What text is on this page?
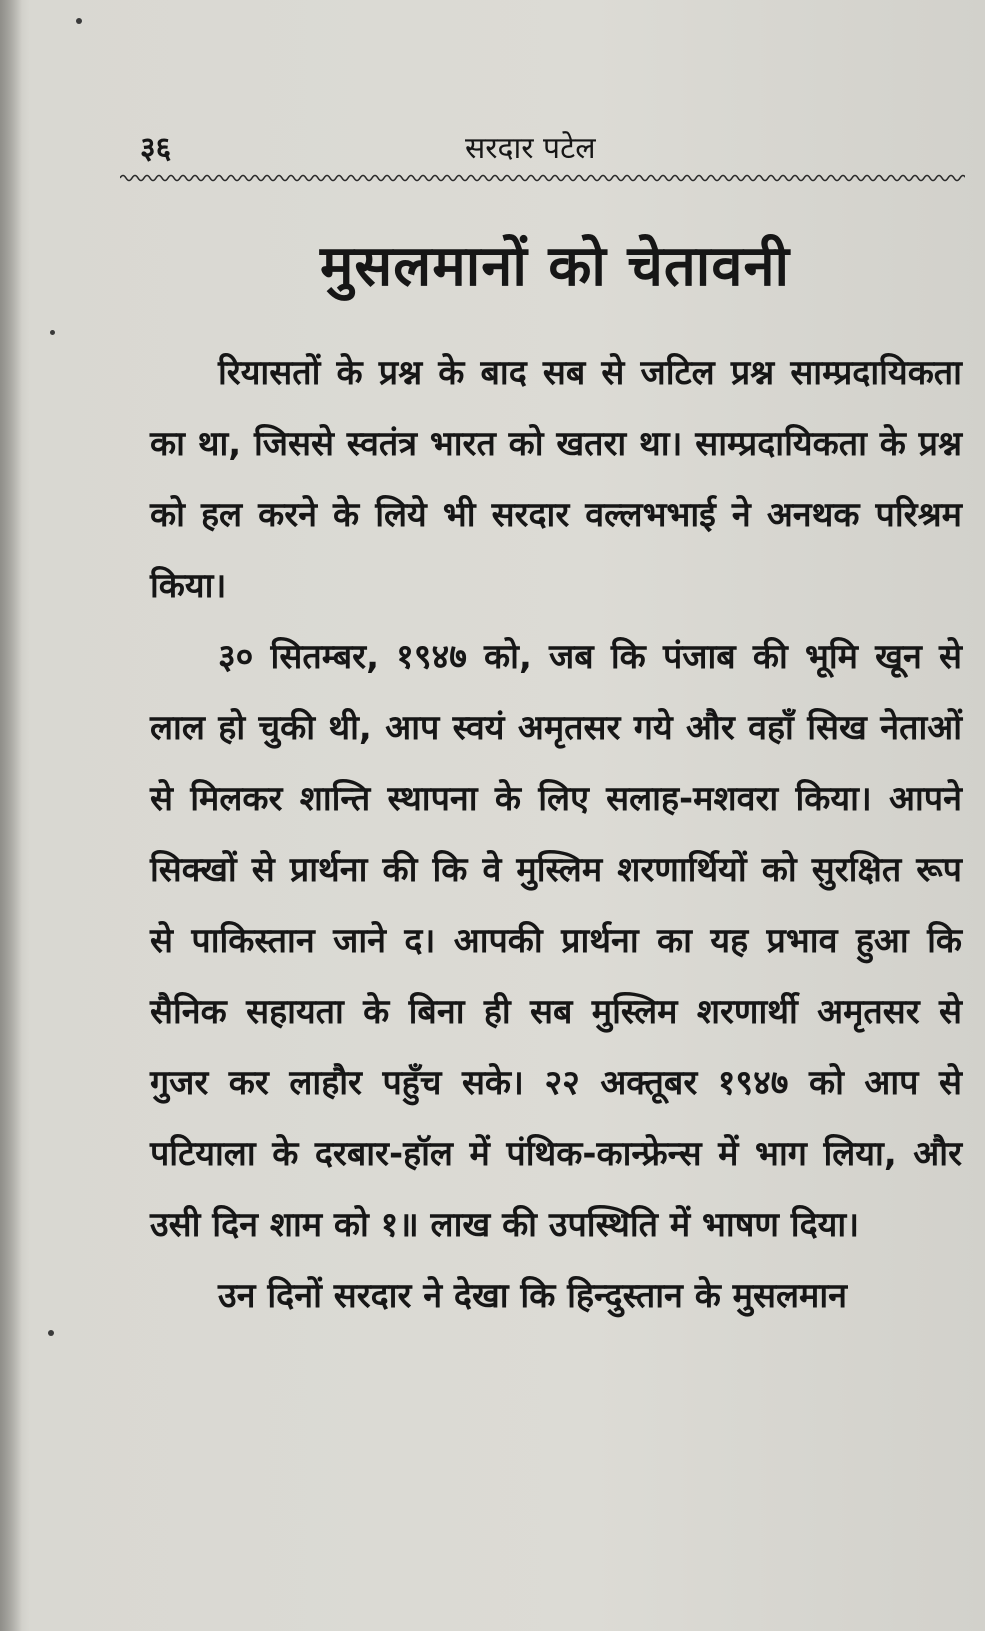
३६	सरदार पटेल
मुसलमानों को चेतावनी

रियासतों के प्रश्न के बाद सब से जटिल प्रश्न साम्प्रदायिकता का था, जिससे स्वतंत्र भारत को खतरा था। साम्प्रदायिकता के प्रश्न को हल करने के लिये भी सरदार वल्लभभाई ने अनथक परिश्रम किया।

३० सितम्बर, १९४७ को, जब कि पंजाब की भूमि खून से लाल हो चुकी थी, आप स्वयं अमृतसर गये और वहाँ सिख नेताओं से मिलकर शान्ति स्थापना के लिए सलाह-मशवरा किया। आपने सिक्खों से प्रार्थना की कि वे मुस्लिम शरणार्थियों को सुरक्षित रूप से पाकिस्तान जाने द। आपकी प्रार्थना का यह प्रभाव हुआ कि सैनिक सहायता के बिना ही सब मुस्लिम शरणार्थी अमृतसर से गुजर कर लाहौर पहुँच सके। २२ अक्तूबर १९४७ को आप से पटियाला के दरबार-हॉल में पंथिक-कान्फ्रेन्स में भाग लिया, और उसी दिन शाम को १॥ लाख की उपस्थिति में भाषण दिया।

उन दिनों सरदार ने देखा कि हिन्दुस्तान के मुसलमान
